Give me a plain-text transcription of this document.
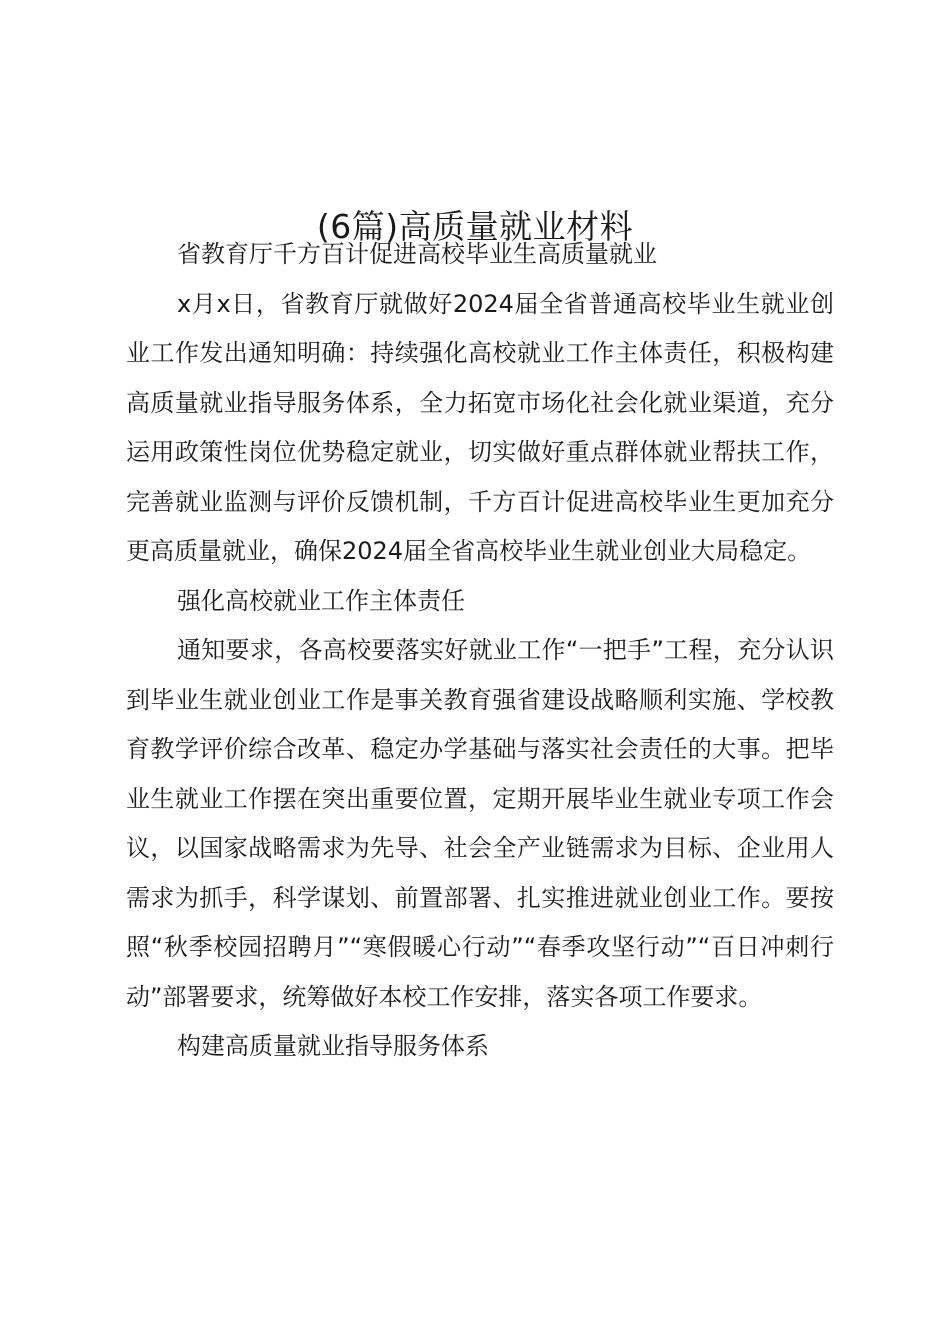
(6篇)高质量就业材料

省教育厅千方百计促进高校毕业生高质量就业

x月x日，省教育厅就做好2024届全省普通高校毕业生就业创业工作发出通知明确：持续强化高校就业工作主体责任，积极构建高质量就业指导服务体系，全力拓宽市场化社会化就业渠道，充分运用政策性岗位优势稳定就业，切实做好重点群体就业帮扶工作，完善就业监测与评价反馈机制，千方百计促进高校毕业生更加充分更高质量就业，确保2024届全省高校毕业生就业创业大局稳定。

强化高校就业工作主体责任

通知要求，各高校要落实好就业工作“一把手”工程，充分认识到毕业生就业创业工作是事关教育强省建设战略顺利实施、学校教育教学评价综合改革、稳定办学基础与落实社会责任的大事。把毕业生就业工作摆在突出重要位置，定期开展毕业生就业专项工作会议，以国家战略需求为先导、社会全产业链需求为目标、企业用人需求为抓手，科学谋划、前置部署、扎实推进就业创业工作。要按照“秋季校园招聘月”“寒假暖心行动”“春季攻坚行动”“百日冲刺行动”部署要求，统筹做好本校工作安排，落实各项工作要求。

构建高质量就业指导服务体系
